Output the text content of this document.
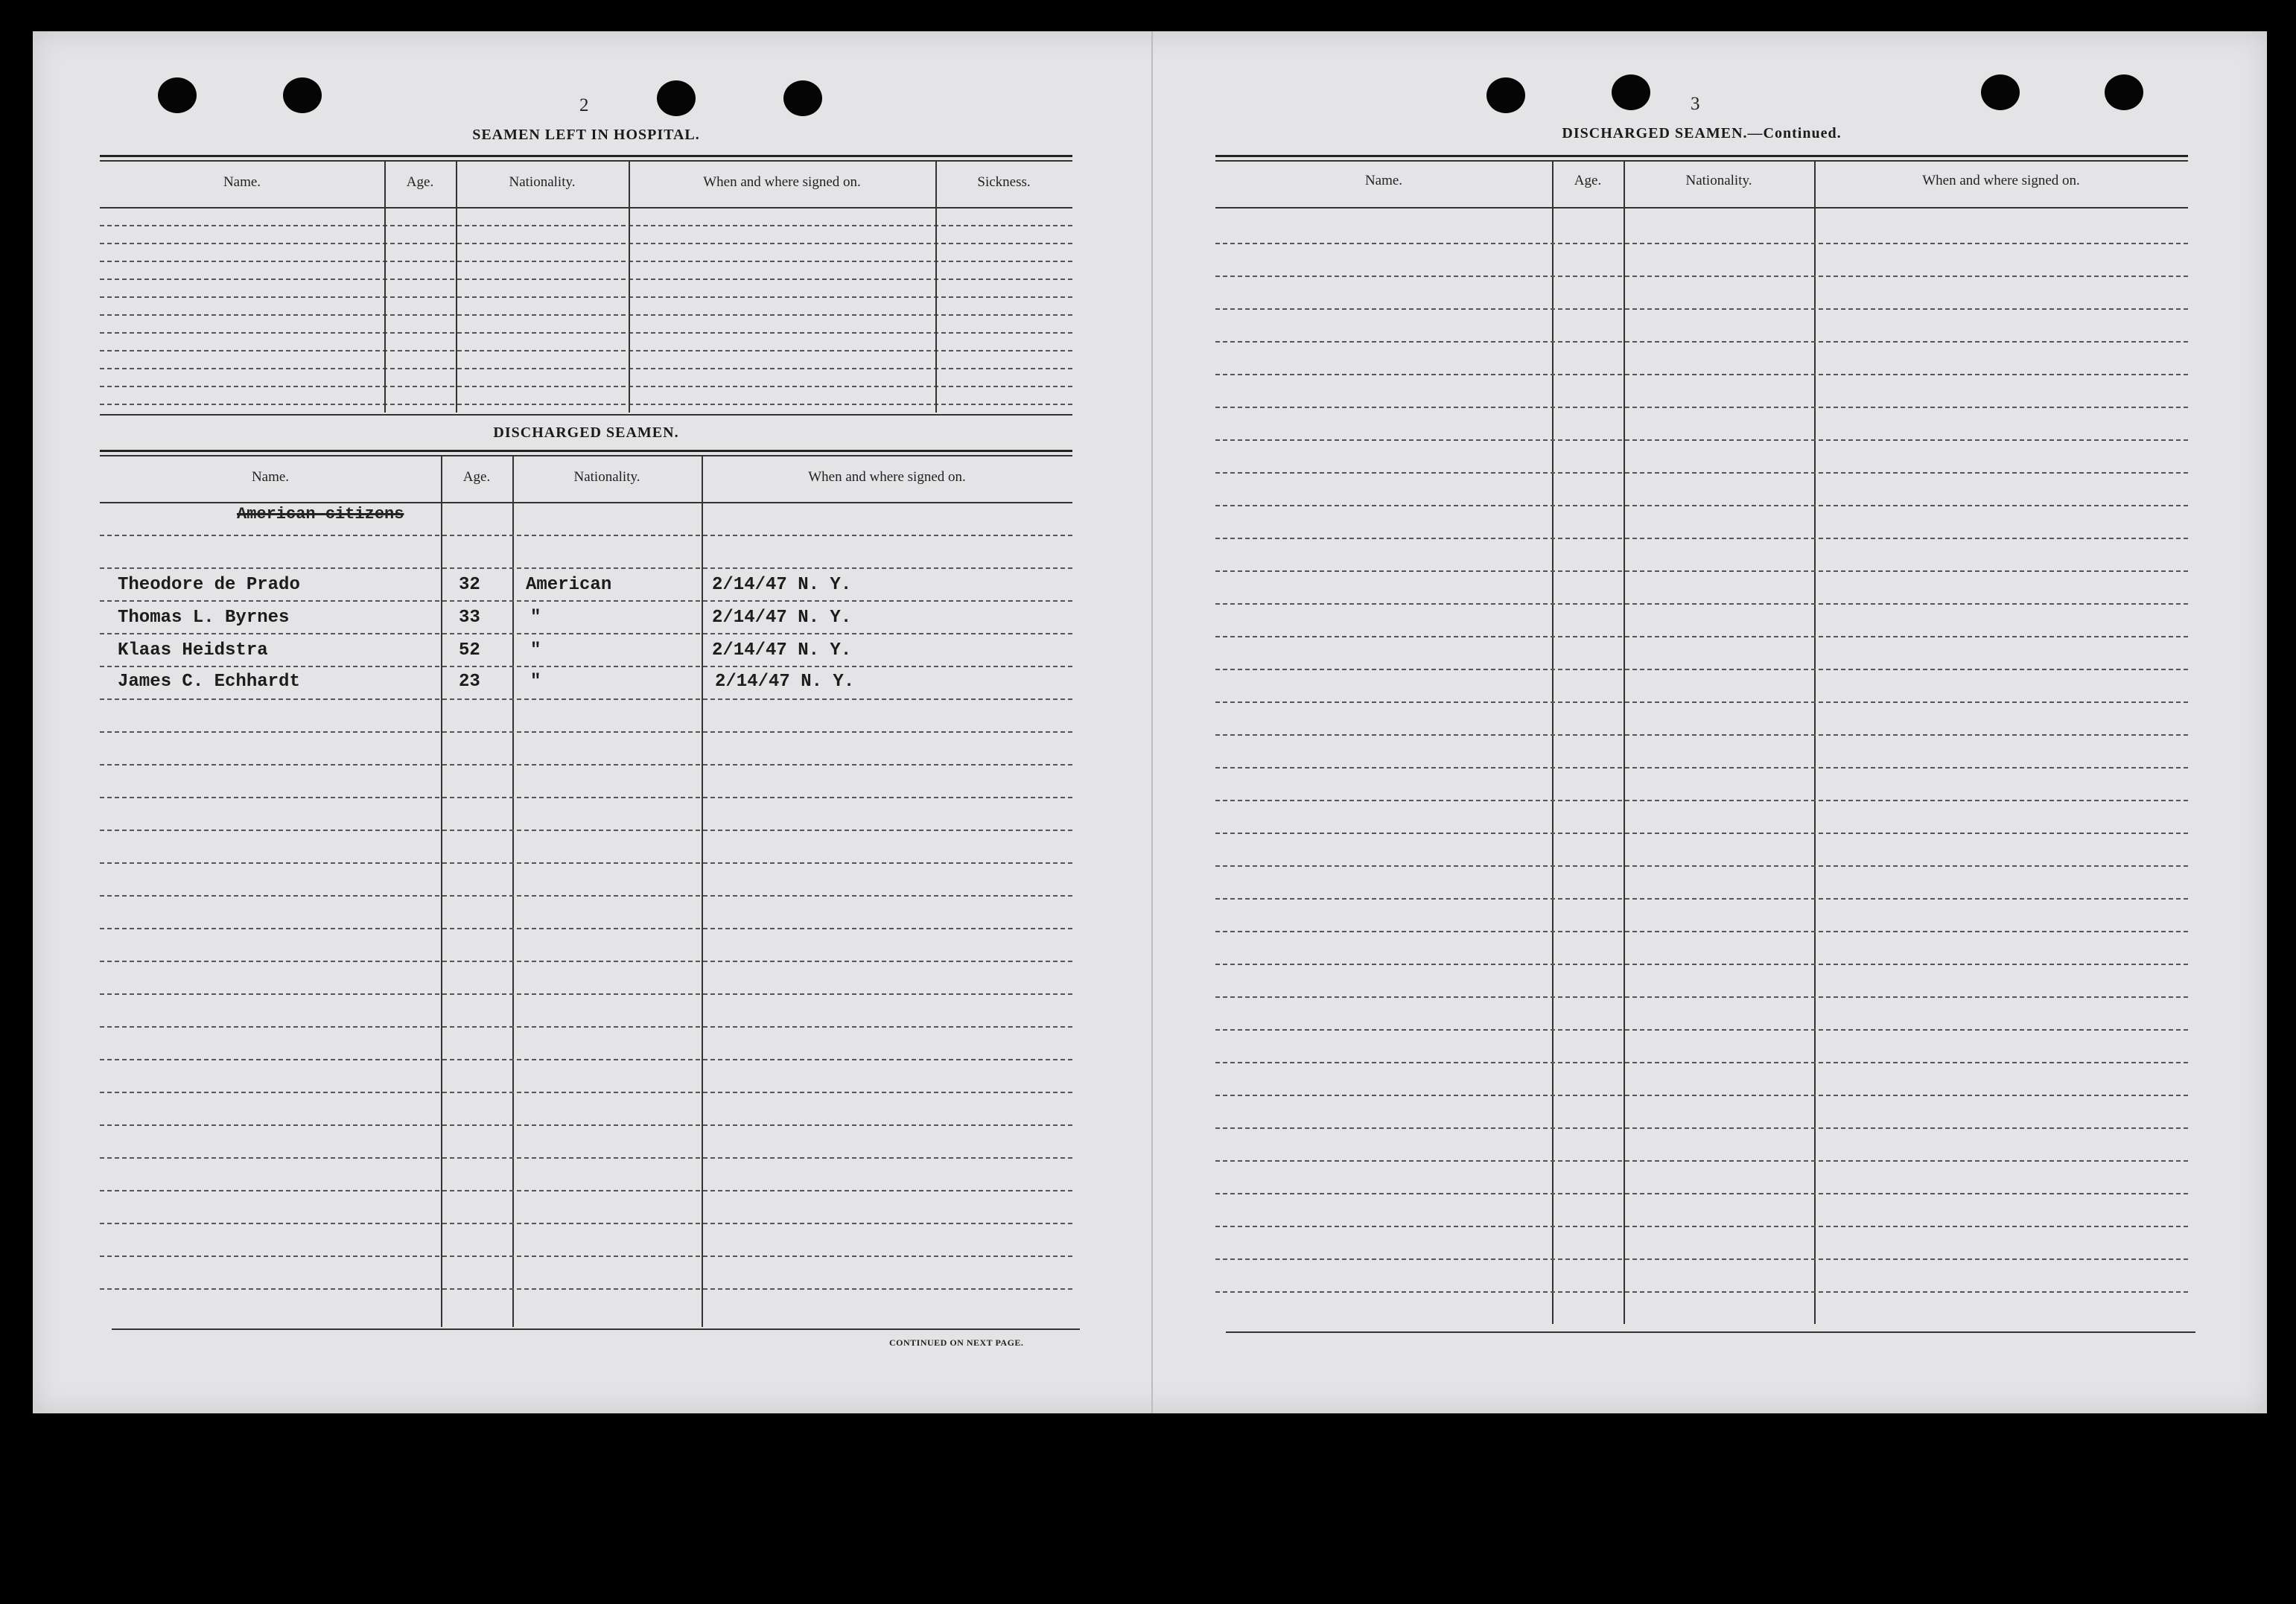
2
SEAMEN LEFT IN HOSPITAL.
Name.	Age.	Nationality.	When and where signed on.	Sickness.
DISCHARGED SEAMEN.
Name.	Age.	Nationality.	When and where signed on.
American citizens
Theodore de Prado	32	American	2/14/47 N. Y.
Thomas L. Byrnes	33	"	2/14/47 N. Y.
Klaas Heidstra	52	"	2/14/47 N. Y.
James C. Echhardt	23	"	2/14/47 N. Y.
CONTINUED ON NEXT PAGE.
3
DISCHARGED SEAMEN.—Continued.
Name.	Age.	Nationality.	When and where signed on.
